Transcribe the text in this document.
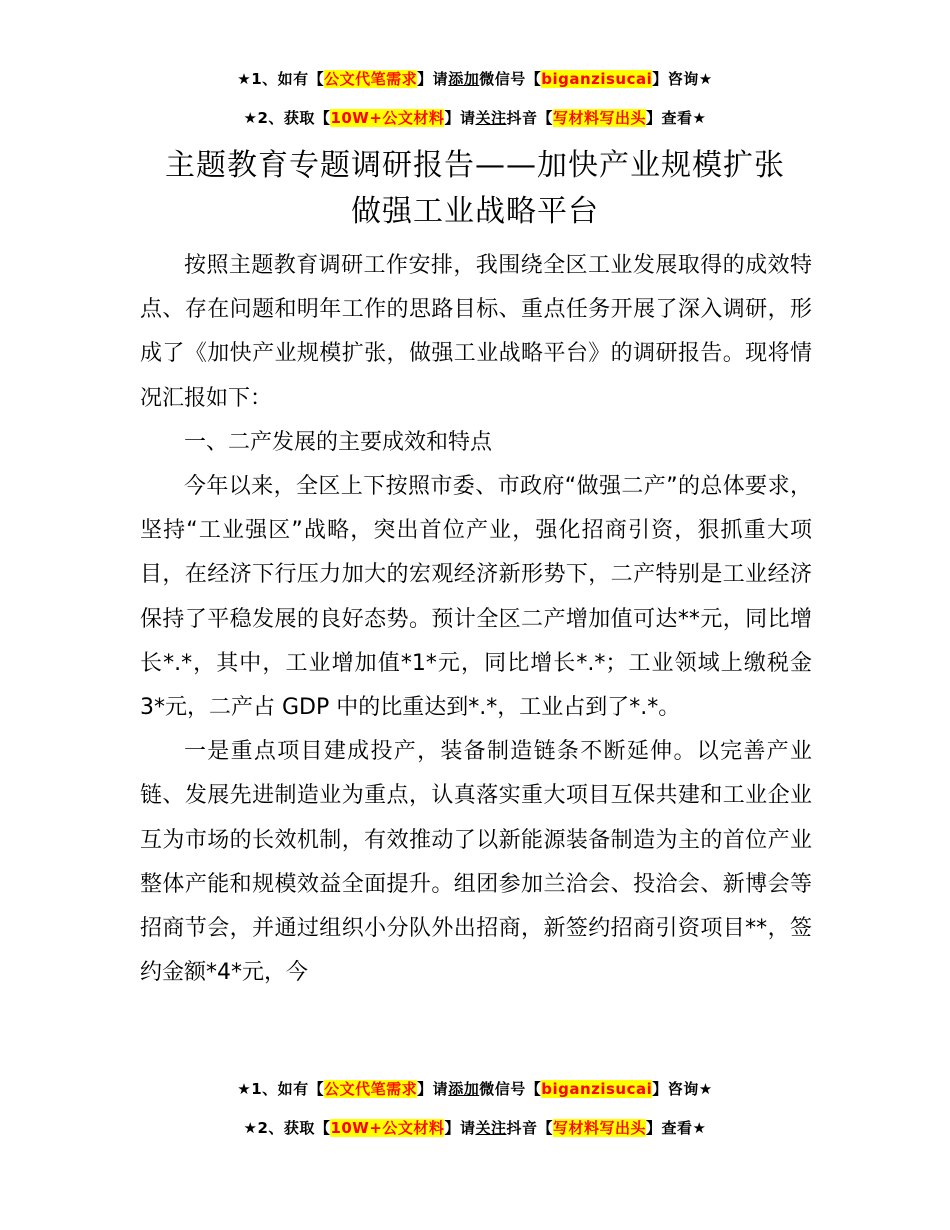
★1、如有【公文代笔需求】请添加微信号【biganzisucai】咨询★
★2、获取【10W+公文材料】请关注抖音【写材料写出头】查看★
主题教育专题调研报告——加快产业规模扩张
做强工业战略平台

按照主题教育调研工作安排，我围绕全区工业发展取得的成效特点、存在问题和明年工作的思路目标、重点任务开展了深入调研，形成了《加快产业规模扩张，做强工业战略平台》的调研报告。现将情况汇报如下：

一、二产发展的主要成效和特点

今年以来，全区上下按照市委、市政府“做强二产”的总体要求，坚持“工业强区”战略，突出首位产业，强化招商引资，狠抓重大项目，在经济下行压力加大的宏观经济新形势下，二产特别是工业经济保持了平稳发展的良好态势。预计全区二产增加值可达**元，同比增长*.*，其中，工业增加值*1*元，同比增长*.*；工业领域上缴税金 3*元，二产占 GDP 中的比重达到*.*，工业占到了*.*。

一是重点项目建成投产，装备制造链条不断延伸。以完善产业链、发展先进制造业为重点，认真落实重大项目互保共建和工业企业互为市场的长效机制，有效推动了以新能源装备制造为主的首位产业整体产能和规模效益全面提升。组团参加兰洽会、投洽会、新博会等招商节会，并通过组织小分队外出招商，新签约招商引资项目**，签约金额*4*元，今

★1、如有【公文代笔需求】请添加微信号【biganzisucai】咨询★
★2、获取【10W+公文材料】请关注抖音【写材料写出头】查看★
